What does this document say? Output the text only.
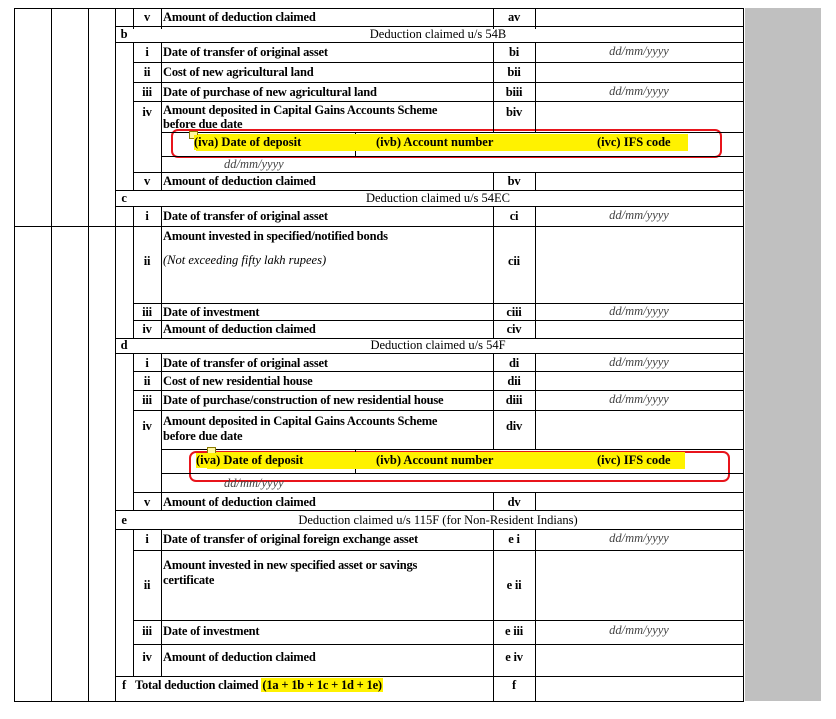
v	Amount of deduction claimed	av
b	Deduction claimed u/s 54B
i	Date of transfer of original asset	bi	dd/mm/yyyy
ii	Cost of new agricultural land	bii
iii Date of purchase of new agricultural land	biii	dd/mm/yyyy
iv Amount deposited in Capital Gains Accounts Scheme
before due date
biv
(iva) Date of deposit	(ivb) Account number	(ivc) IFS code
dd/mm/yyyy
v	Amount of deduction claimed	bv
c	Deduction claimed u/s 54EC
i	Date of transfer of original asset	ci	dd/mm/yyyy
ii
Amount invested in specified/notified bonds
(Not exceeding fifty lakh rupees)	cii
iii Date of investment	ciii	dd/mm/yyyy
iv Amount of deduction claimed	civ
d	Deduction claimed u/s 54F
i	Date of transfer of original asset	di	dd/mm/yyyy
ii	Cost of new residential house	dii
iii Date of purchase/construction of new residential house	diii	dd/mm/yyyy
iv Amount deposited in Capital Gains Accounts Scheme
before due date
div
(iva) Date of deposit	(ivb) Account number	(ivc) IFS code
dd/mm/yyyy
v	Amount of deduction claimed	dv
e	Deduction claimed u/s 115F (for Non-Resident Indians)
i	Date of transfer of original foreign exchange asset	e i	dd/mm/yyyy
ii
Amount invested in new specified asset or savings
certificate	e ii
iii Date of investment	e iii	dd/mm/yyyy
iv Amount of deduction claimed	e iv
f Total deduction claimed (1a + 1b + 1c + 1d + 1e)	f
